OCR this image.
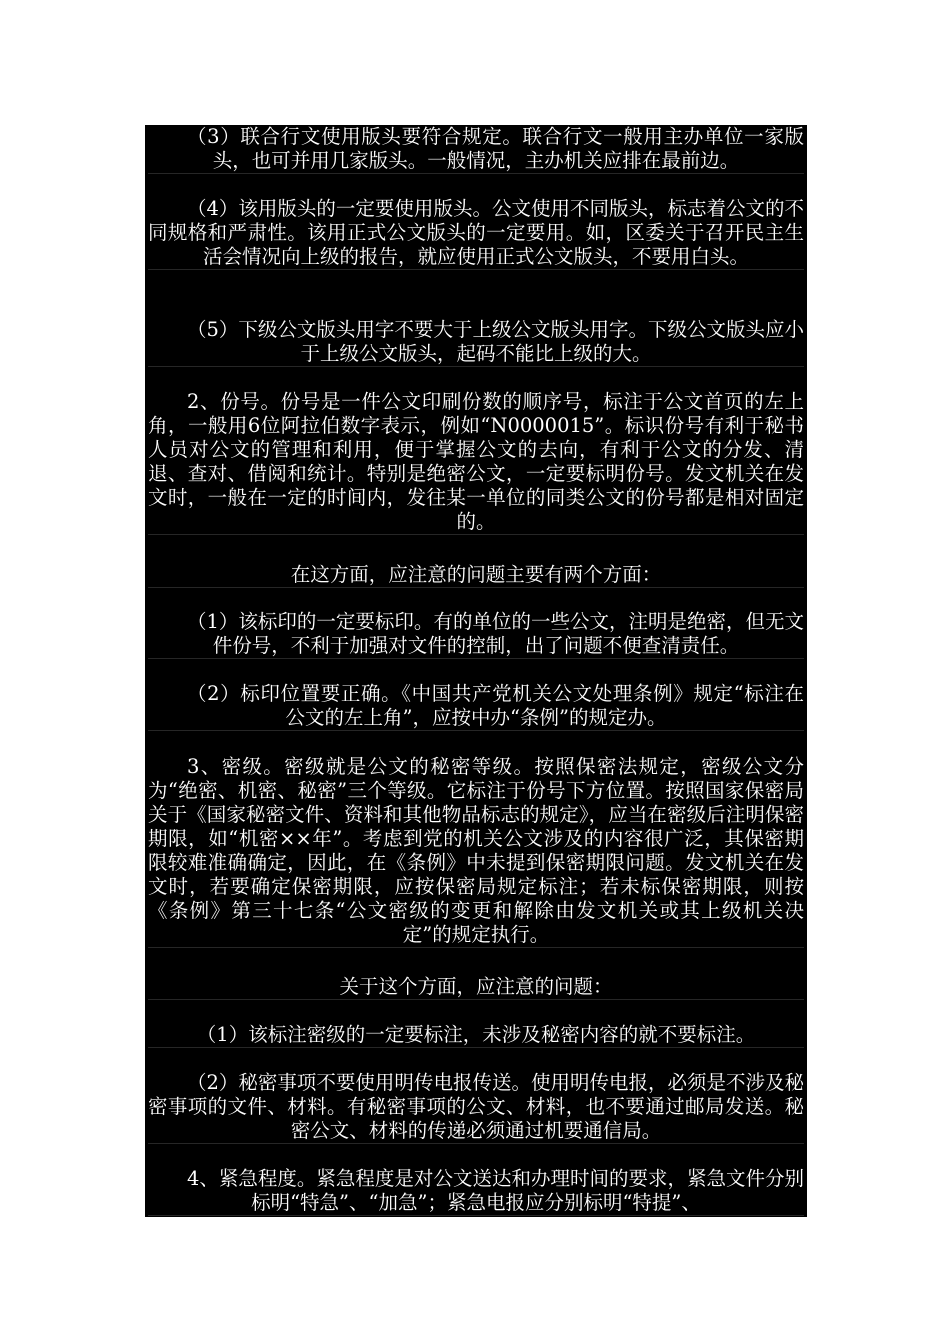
（3）联合行文使用版头要符合规定。联合行文一般用主办单位一家版头，也可并用几家版头。一般情况，主办机关应排在最前边。

（4）该用版头的一定要使用版头。公文使用不同版头，标志着公文的不同规格和严肃性。该用正式公文版头的一定要用。如，区委关于召开民主生活会情况向上级的报告，就应使用正式公文版头，不要用白头。

（5）下级公文版头用字不要大于上级公文版头用字。下级公文版头应小于上级公文版头，起码不能比上级的大。

2、份号。份号是一件公文印刷份数的顺序号，标注于公文首页的左上角，一般用6位阿拉伯数字表示，例如“N0000015”。标识份号有利于秘书人员对公文的管理和利用，便于掌握公文的去向，有利于公文的分发、清退、查对、借阅和统计。特别是绝密公文，一定要标明份号。发文机关在发文时，一般在一定的时间内，发往某一单位的同类公文的份号都是相对固定的。

在这方面，应注意的问题主要有两个方面：

（1）该标印的一定要标印。有的单位的一些公文，注明是绝密，但无文件份号，不利于加强对文件的控制，出了问题不便查清责任。

（2）标印位置要正确。《中国共产党机关公文处理条例》规定“标注在公文的左上角”，应按中办“条例”的规定办。

3、密级。密级就是公文的秘密等级。按照保密法规定，密级公文分为“绝密、机密、秘密”三个等级。它标注于份号下方位置。按照国家保密局关于《国家秘密文件、资料和其他物品标志的规定》，应当在密级后注明保密期限，如“机密××年”。考虑到党的机关公文涉及的内容很广泛，其保密期限较难准确确定，因此，在《条例》中未提到保密期限问题。发文机关在发文时，若要确定保密期限，应按保密局规定标注；若未标保密期限，则按《条例》第三十七条“公文密级的变更和解除由发文机关或其上级机关决定”的规定执行。

关于这个方面，应注意的问题：

（1）该标注密级的一定要标注，未涉及秘密内容的就不要标注。

（2）秘密事项不要使用明传电报传送。使用明传电报，必须是不涉及秘密事项的文件、材料。有秘密事项的公文、材料，也不要通过邮局发送。秘密公文、材料的传递必须通过机要通信局。

4、紧急程度。紧急程度是对公文送达和办理时间的要求，紧急文件分别标明“特急”、“加急”；紧急电报应分别标明“特提”、
